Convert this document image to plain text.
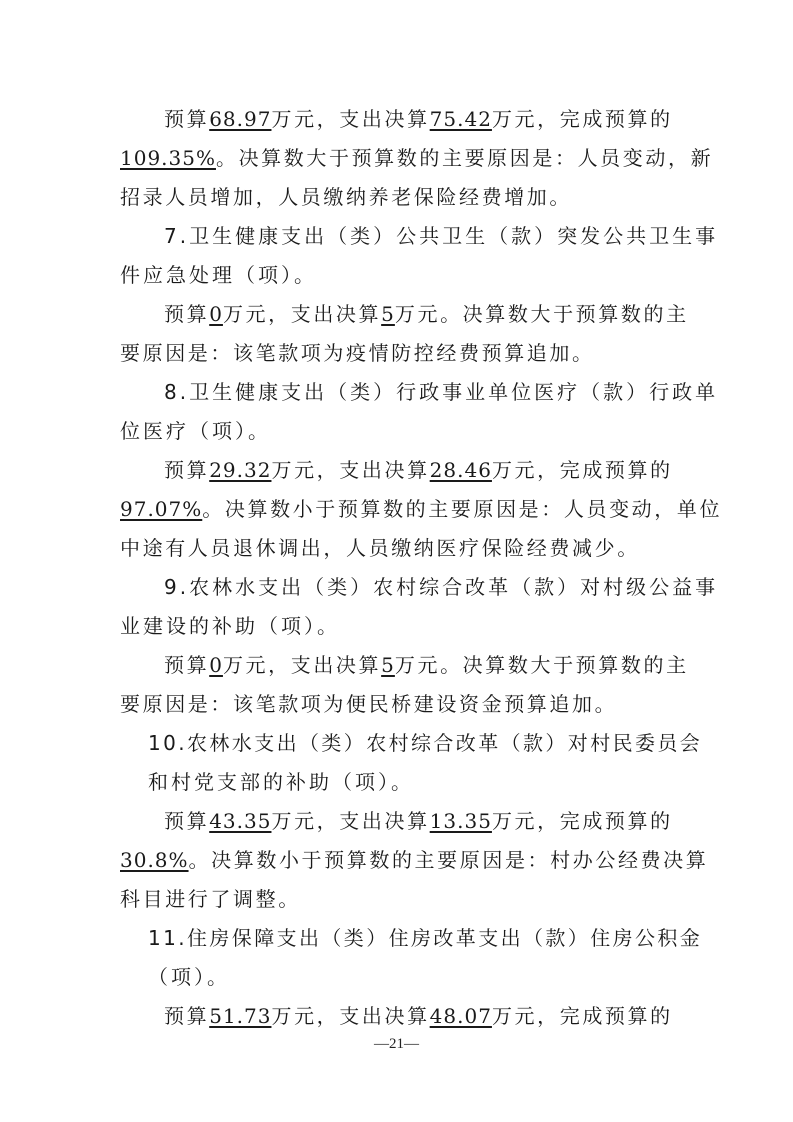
预算68.97万元，支出决算75.42万元，完成预算的
109.35%。决算数大于预算数的主要原因是：人员变动，新
招录人员增加，人员缴纳养老保险经费增加。
7.卫生健康支出（类）公共卫生（款）突发公共卫生事
件应急处理（项）。
预算0万元，支出决算5万元。决算数大于预算数的主
要原因是：该笔款项为疫情防控经费预算追加。
8.卫生健康支出（类）行政事业单位医疗（款）行政单
位医疗（项）。
预算29.32万元，支出决算28.46万元，完成预算的
97.07%。决算数小于预算数的主要原因是：人员变动，单位
中途有人员退休调出，人员缴纳医疗保险经费减少。
9.农林水支出（类）农村综合改革（款）对村级公益事
业建设的补助（项）。
预算0万元，支出决算5万元。决算数大于预算数的主
要原因是：该笔款项为便民桥建设资金预算追加。
10.农林水支出（类）农村综合改革（款）对村民委员会
和村党支部的补助（项）。
预算43.35万元，支出决算13.35万元，完成预算的
30.8%。决算数小于预算数的主要原因是：村办公经费决算
科目进行了调整。
11.住房保障支出（类）住房改革支出（款）住房公积金
（项）。
预算51.73万元，支出决算48.07万元，完成预算的
—21—
